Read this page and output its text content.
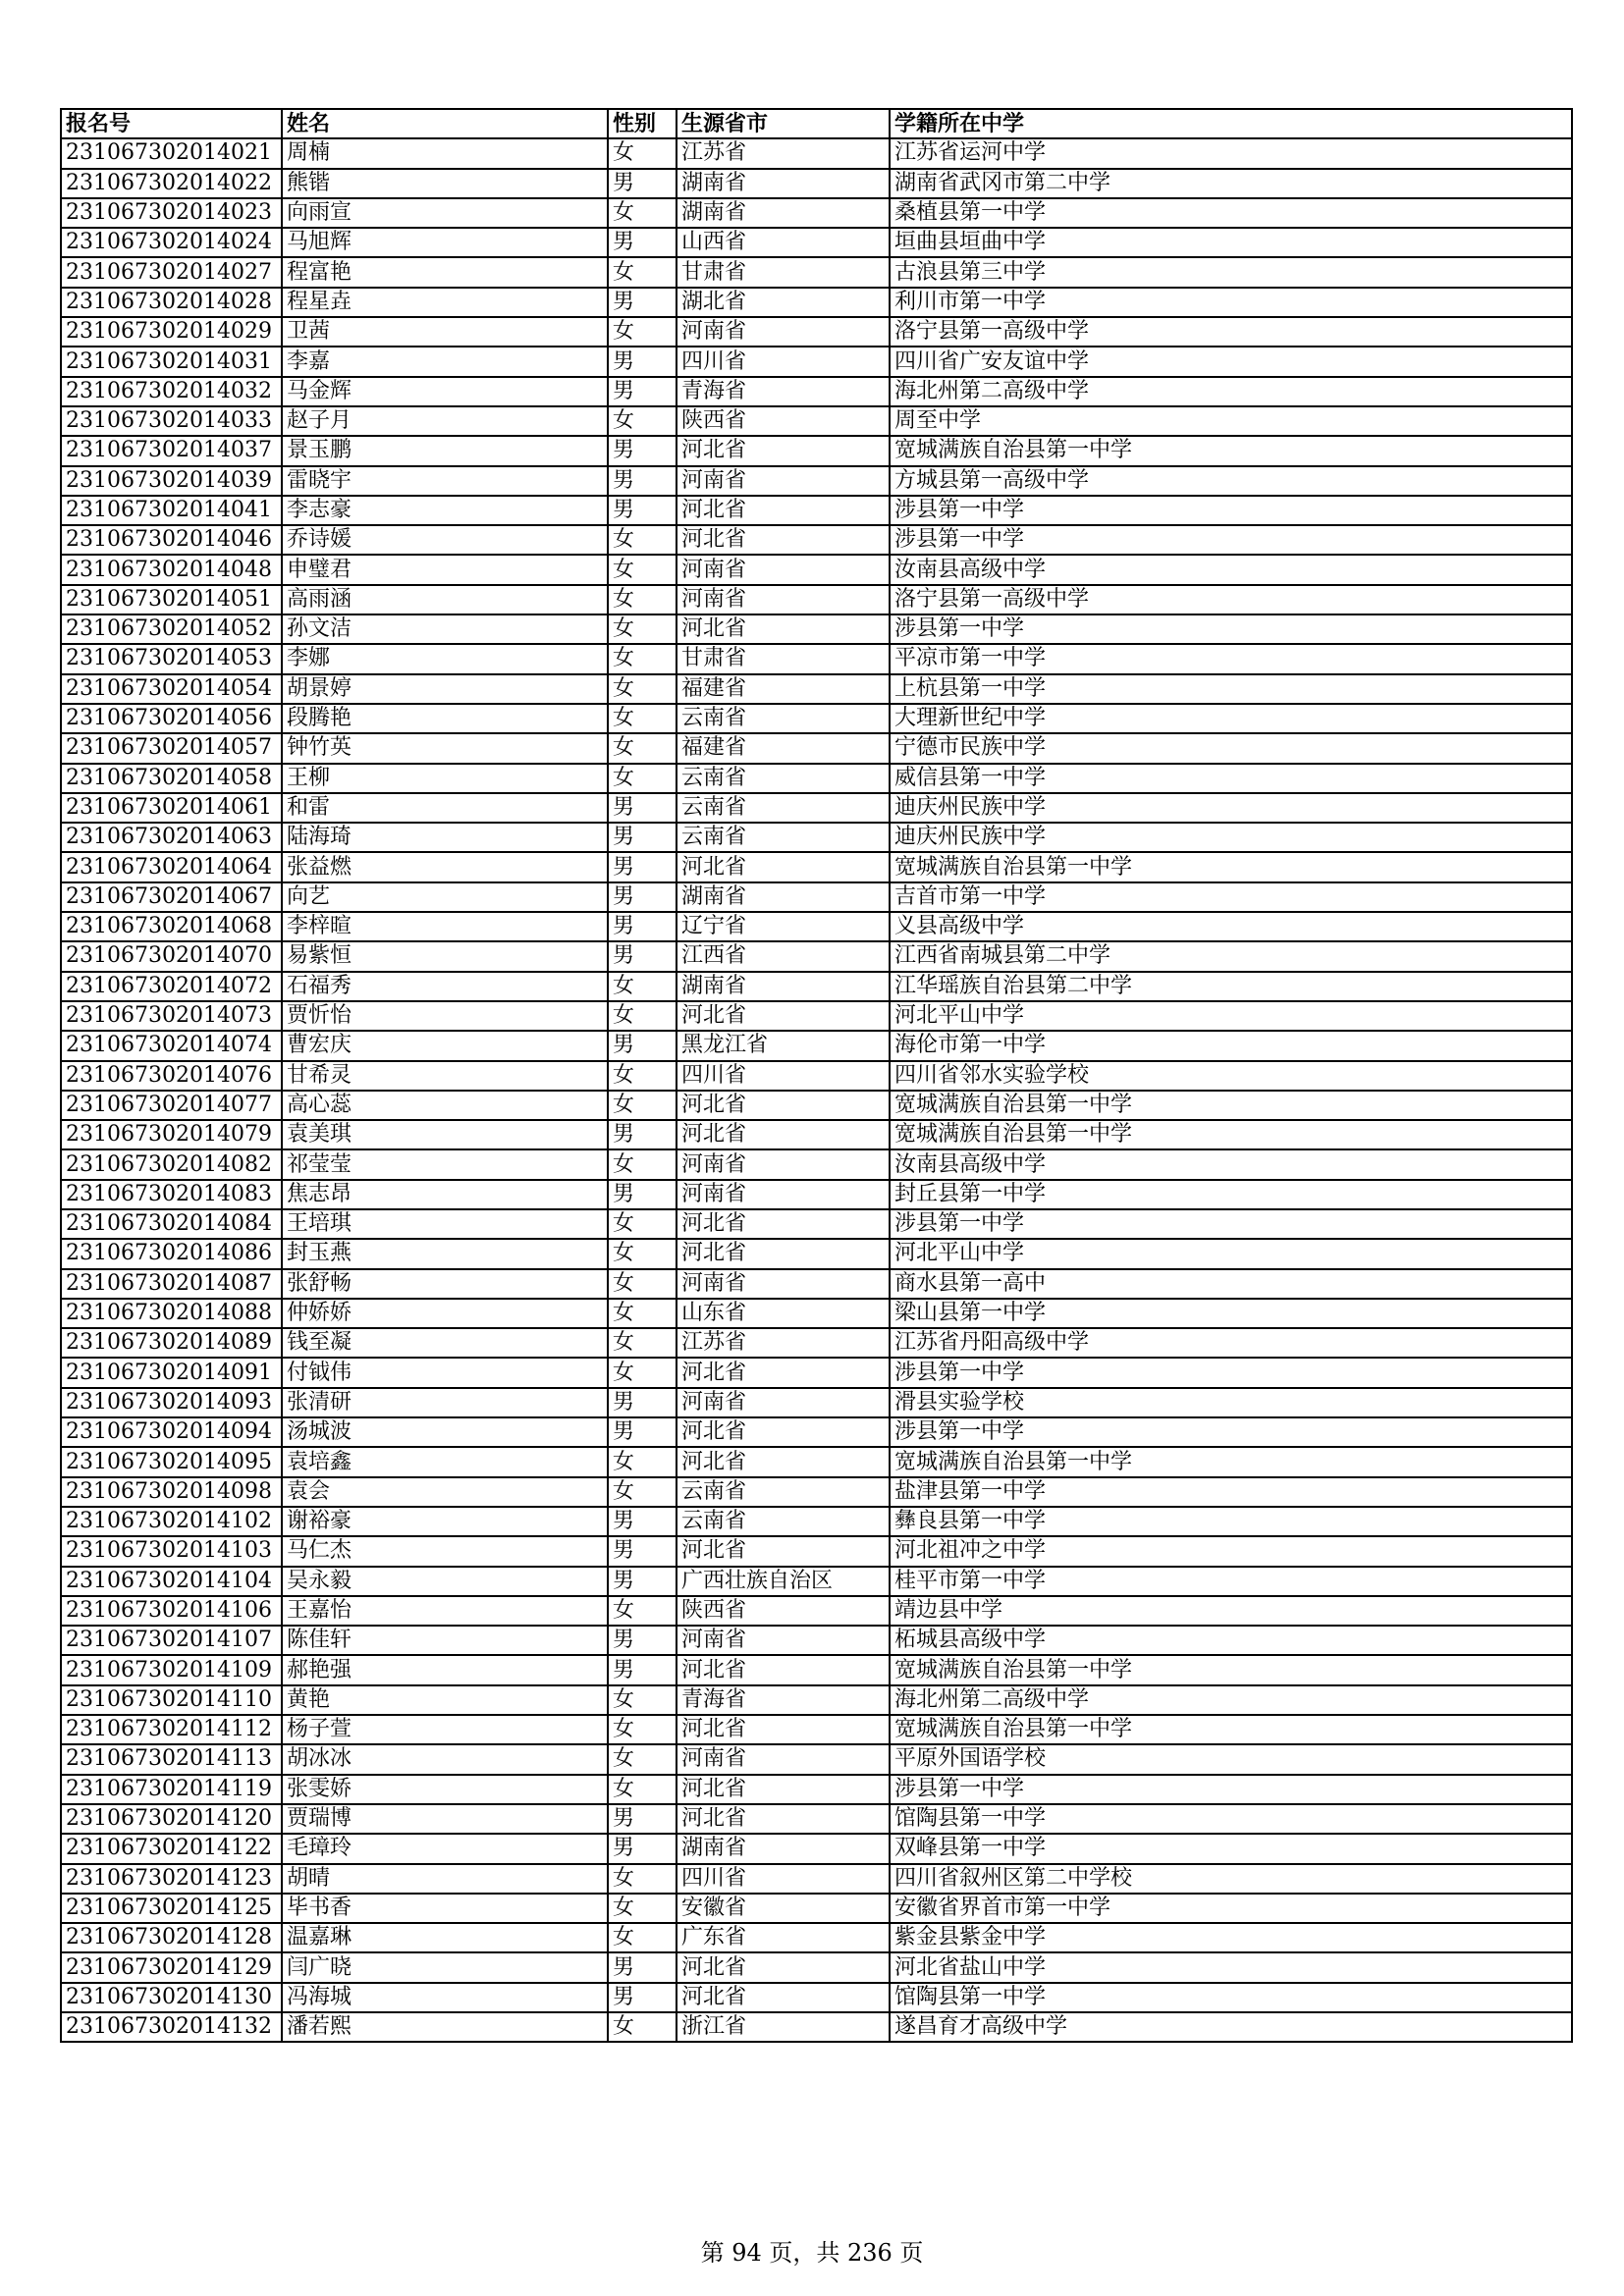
报名号	姓名	性别	生源省市	学籍所在中学
231067302014021	周楠	女	江苏省	江苏省运河中学
231067302014022	熊锴	男	湖南省	湖南省武冈市第二中学
231067302014023	向雨宣	女	湖南省	桑植县第一中学
231067302014024	马旭辉	男	山西省	垣曲县垣曲中学
231067302014027	程富艳	女	甘肃省	古浪县第三中学
231067302014028	程星垚	男	湖北省	利川市第一中学
231067302014029	卫茜	女	河南省	洛宁县第一高级中学
231067302014031	李嘉	男	四川省	四川省广安友谊中学
231067302014032	马金辉	男	青海省	海北州第二高级中学
231067302014033	赵子月	女	陕西省	周至中学
231067302014037	景玉鹏	男	河北省	宽城满族自治县第一中学
231067302014039	雷晓宇	男	河南省	方城县第一高级中学
231067302014041	李志豪	男	河北省	涉县第一中学
231067302014046	乔诗媛	女	河北省	涉县第一中学
231067302014048	申璧君	女	河南省	汝南县高级中学
231067302014051	高雨涵	女	河南省	洛宁县第一高级中学
231067302014052	孙文洁	女	河北省	涉县第一中学
231067302014053	李娜	女	甘肃省	平凉市第一中学
231067302014054	胡景婷	女	福建省	上杭县第一中学
231067302014056	段腾艳	女	云南省	大理新世纪中学
231067302014057	钟竹英	女	福建省	宁德市民族中学
231067302014058	王柳	女	云南省	威信县第一中学
231067302014061	和雷	男	云南省	迪庆州民族中学
231067302014063	陆海琦	男	云南省	迪庆州民族中学
231067302014064	张益燃	男	河北省	宽城满族自治县第一中学
231067302014067	向艺	男	湖南省	吉首市第一中学
231067302014068	李梓暄	男	辽宁省	义县高级中学
231067302014070	易紫恒	男	江西省	江西省南城县第二中学
231067302014072	石福秀	女	湖南省	江华瑶族自治县第二中学
231067302014073	贾忻怡	女	河北省	河北平山中学
231067302014074	曹宏庆	男	黑龙江省	海伦市第一中学
231067302014076	甘希灵	女	四川省	四川省邻水实验学校
231067302014077	高心蕊	女	河北省	宽城满族自治县第一中学
231067302014079	袁美琪	男	河北省	宽城满族自治县第一中学
231067302014082	祁莹莹	女	河南省	汝南县高级中学
231067302014083	焦志昂	男	河南省	封丘县第一中学
231067302014084	王培琪	女	河北省	涉县第一中学
231067302014086	封玉燕	女	河北省	河北平山中学
231067302014087	张舒畅	女	河南省	商水县第一高中
231067302014088	仲娇娇	女	山东省	梁山县第一中学
231067302014089	钱至凝	女	江苏省	江苏省丹阳高级中学
231067302014091	付钺伟	女	河北省	涉县第一中学
231067302014093	张清研	男	河南省	滑县实验学校
231067302014094	汤城波	男	河北省	涉县第一中学
231067302014095	袁培鑫	女	河北省	宽城满族自治县第一中学
231067302014098	袁会	女	云南省	盐津县第一中学
231067302014102	谢裕豪	男	云南省	彝良县第一中学
231067302014103	马仁杰	男	河北省	河北祖冲之中学
231067302014104	吴永毅	男	广西壮族自治区	桂平市第一中学
231067302014106	王嘉怡	女	陕西省	靖边县中学
231067302014107	陈佳轩	男	河南省	柘城县高级中学
231067302014109	郝艳强	男	河北省	宽城满族自治县第一中学
231067302014110	黄艳	女	青海省	海北州第二高级中学
231067302014112	杨子萱	女	河北省	宽城满族自治县第一中学
231067302014113	胡冰冰	女	河南省	平原外国语学校
231067302014119	张雯娇	女	河北省	涉县第一中学
231067302014120	贾瑞博	男	河北省	馆陶县第一中学
231067302014122	毛璋玲	男	湖南省	双峰县第一中学
231067302014123	胡晴	女	四川省	四川省叙州区第二中学校
231067302014125	毕书香	女	安徽省	安徽省界首市第一中学
231067302014128	温嘉琳	女	广东省	紫金县紫金中学
231067302014129	闫广晓	男	河北省	河北省盐山中学
231067302014130	冯海城	男	河北省	馆陶县第一中学
231067302014132	潘若熙	女	浙江省	遂昌育才高级中学
第 94 页，共 236 页
